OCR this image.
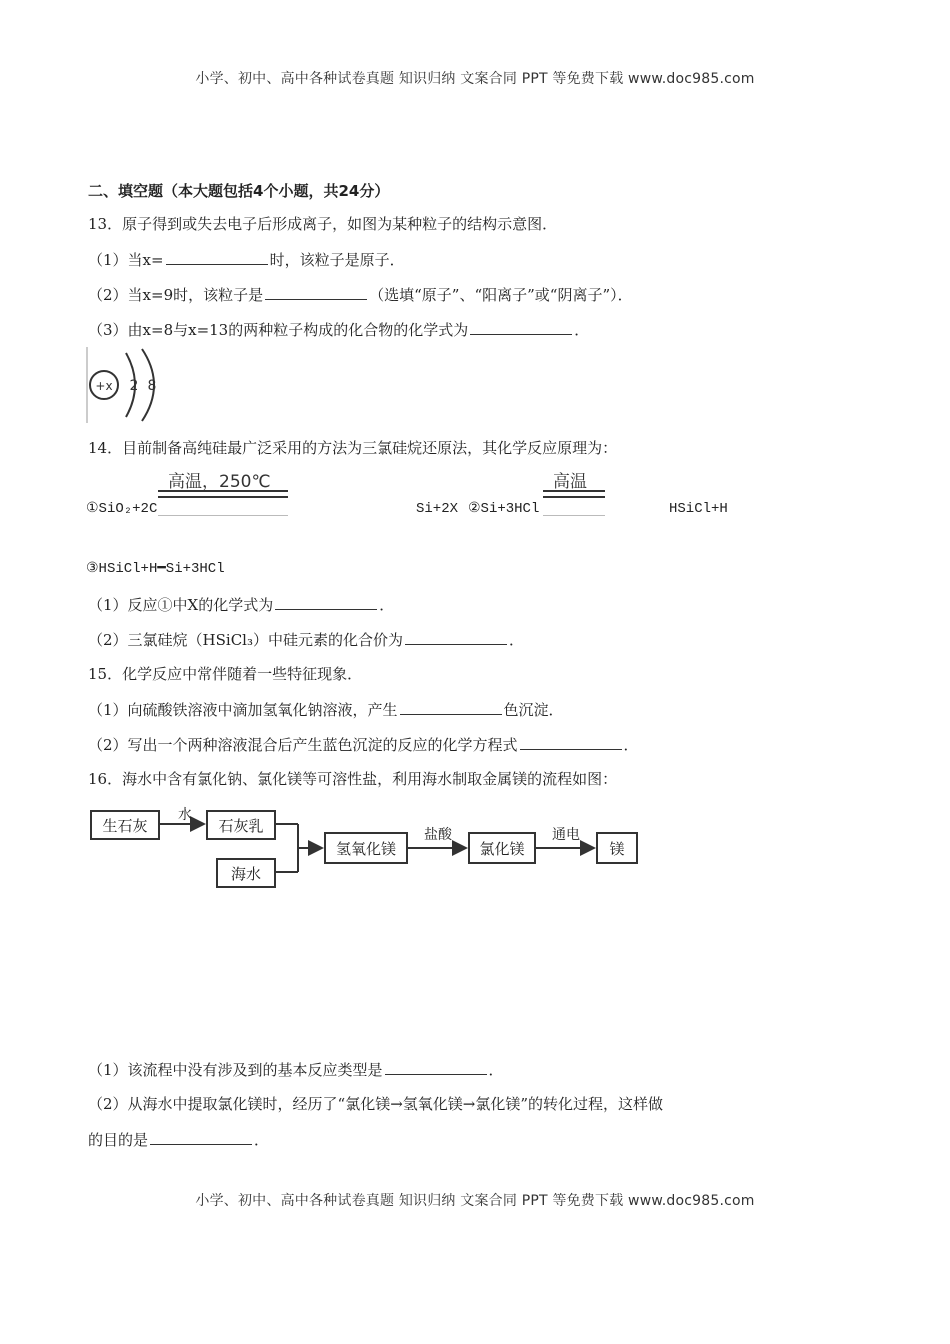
小学、初中、高中各种试卷真题 知识归纳 文案合同 PPT 等免费下载 www.doc985.com
二、填空题（本大题包括4个小题，共24分）
13．原子得到或失去电子后形成离子，如图为某种粒子的结构示意图．
（1）当x=	时，该粒子是原子．
（2）当x=9时，该粒子是	（选填“原子”、“阳离子”或“阴离子”）．
（3）由x=8与x=13的两种粒子构成的化合物的化学式为	．
+x 2 8
14．目前制备高纯硅最广泛采用的方法为三氯硅烷还原法，其化学反应原理为：
高温，250℃	高温
①SiO₂+2C	Si+2X ②Si+3HCl	HSiCl+H
③HSiCl+H━Si+3HCl
（1）反应①中X的化学式为	．
（2）三氯硅烷（HSiCl₃）中硅元素的化合价为	．
15．化学反应中常伴随着一些特征现象．
（1）向硫酸铁溶液中滴加氢氧化钠溶液，产生	色沉淀．
（2）写出一个两种溶液混合后产生蓝色沉淀的反应的化学方程式	．
16．海水中含有氯化钠、氯化镁等可溶性盐，利用海水制取金属镁的流程如图：
生石灰
水
石灰乳
海水
氢氧化镁
盐酸
氯化镁
通电
镁
（1）该流程中没有涉及到的基本反应类型是	．
（2）从海水中提取氯化镁时，经历了“氯化镁→氢氧化镁→氯化镁”的转化过程，这样做
的目的是	．
小学、初中、高中各种试卷真题 知识归纳 文案合同 PPT 等免费下载 www.doc985.com
